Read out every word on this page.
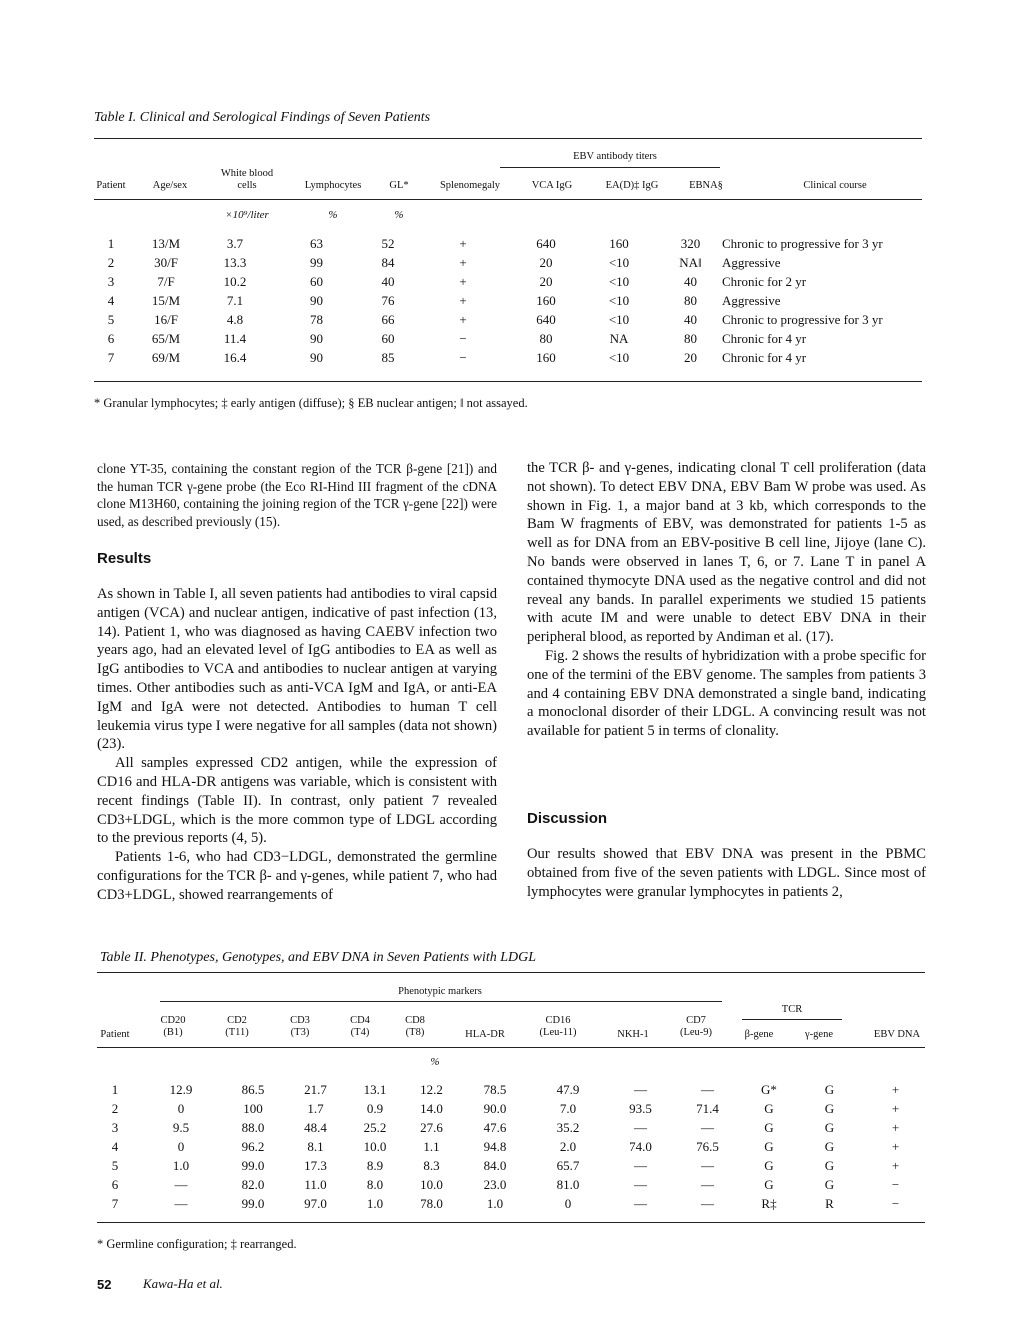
Table I. Clinical and Serological Findings of Seven Patients
EBV antibody titers
Patient	Age/sex
White blood cells	Lymphocytes	GL*	Splenomegaly	VCA IgG	EA(D)‡ IgG	EBNA§	Clinical course
×10⁹/liter	%	%
1	13/M	3.7	63	52	+	640	160	320	Chronic to progressive for 3 yr
2	30/F	13.3	99	84	+	20	<10	NA‖	Aggressive
3	7/F	10.2	60	40	+	20	<10	40	Chronic for 2 yr
4	15/M	7.1	90	76	+	160	<10	80	Aggressive
5	16/F	4.8	78	66	+	640	<10	40	Chronic to progressive for 3 yr
6	65/M	11.4	90	60	−	80	NA	80	Chronic for 4 yr
7	69/M	16.4	90	85	−	160	<10	20	Chronic for 4 yr
* Granular lymphocytes; ‡ early antigen (diffuse); § EB nuclear antigen; ‖ not assayed.

clone YT-35, containing the constant region of the TCR β-gene [21]) and the human TCR γ-gene probe (the Eco RI-Hind III fragment of the cDNA clone M13H60, containing the joining region of the TCR γ-gene [22]) were used, as described previously (15).

Results

As shown in Table I, all seven patients had antibodies to viral capsid antigen (VCA) and nuclear antigen, indicative of past infection (13, 14). Patient 1, who was diagnosed as having CAEBV infection two years ago, had an elevated level of IgG antibodies to EA as well as IgG antibodies to VCA and antibodies to nuclear antigen at varying times. Other antibodies such as anti-VCA IgM and IgA, or anti-EA IgM and IgA were not detected. Antibodies to human T cell leukemia virus type I were negative for all samples (data not shown) (23).

All samples expressed CD2 antigen, while the expression of CD16 and HLA-DR antigens was variable, which is consistent with recent findings (Table II). In contrast, only patient 7 revealed CD3+LDGL, which is the more common type of LDGL according to the previous reports (4, 5).

Patients 1-6, who had CD3−LDGL, demonstrated the germline configurations for the TCR β- and γ-genes, while patient 7, who had CD3+LDGL, showed rearrangements of

the TCR β- and γ-genes, indicating clonal T cell proliferation (data not shown). To detect EBV DNA, EBV Bam W probe was used. As shown in Fig. 1, a major band at 3 kb, which corresponds to the Bam W fragments of EBV, was demonstrated for patients 1-5 as well as for DNA from an EBV-positive B cell line, Jijoye (lane C). No bands were observed in lanes T, 6, or 7. Lane T in panel A contained thymocyte DNA used as the negative control and did not reveal any bands. In parallel experiments we studied 15 patients with acute IM and were unable to detect EBV DNA in their peripheral blood, as reported by Andiman et al. (17).

Fig. 2 shows the results of hybridization with a probe specific for one of the termini of the EBV genome. The samples from patients 3 and 4 containing EBV DNA demonstrated a single band, indicating a monoclonal disorder of their LDGL. A convincing result was not available for patient 5 in terms of clonality.

Discussion

Our results showed that EBV DNA was present in the PBMC obtained from five of the seven patients with LDGL. Since most of lymphocytes were granular lymphocytes in patients 2,

Table II. Phenotypes, Genotypes, and EBV DNA in Seven Patients with LDGL
Phenotypic markers
TCR
Patient
CD20
(B1)
CD2
(T11)
CD3
(T3)
CD4
(T4)
CD8
(T8)	HLA-DR
CD16
(Leu-11)	NKH-1
CD7
(Leu-9)	β-gene	γ-gene	EBV DNA
%
1	12.9	86.5	21.7	13.1	12.2	78.5	47.9	—	—	G*	G	+
2	0	100	1.7	0.9	14.0	90.0	7.0	93.5	71.4	G	G	+
3	9.5	88.0	48.4	25.2	27.6	47.6	35.2	—	—	G	G	+
4	0	96.2	8.1	10.0	1.1	94.8	2.0	74.0	76.5	G	G	+
5	1.0	99.0	17.3	8.9	8.3	84.0	65.7	—	—	G	G	+
6	—	82.0	11.0	8.0	10.0	23.0	81.0	—	—	G	G	−
7	—	99.0	97.0	1.0	78.0	1.0	0	—	—	R‡	R	−
* Germline configuration; ‡ rearranged.
52 Kawa-Ha et al.
